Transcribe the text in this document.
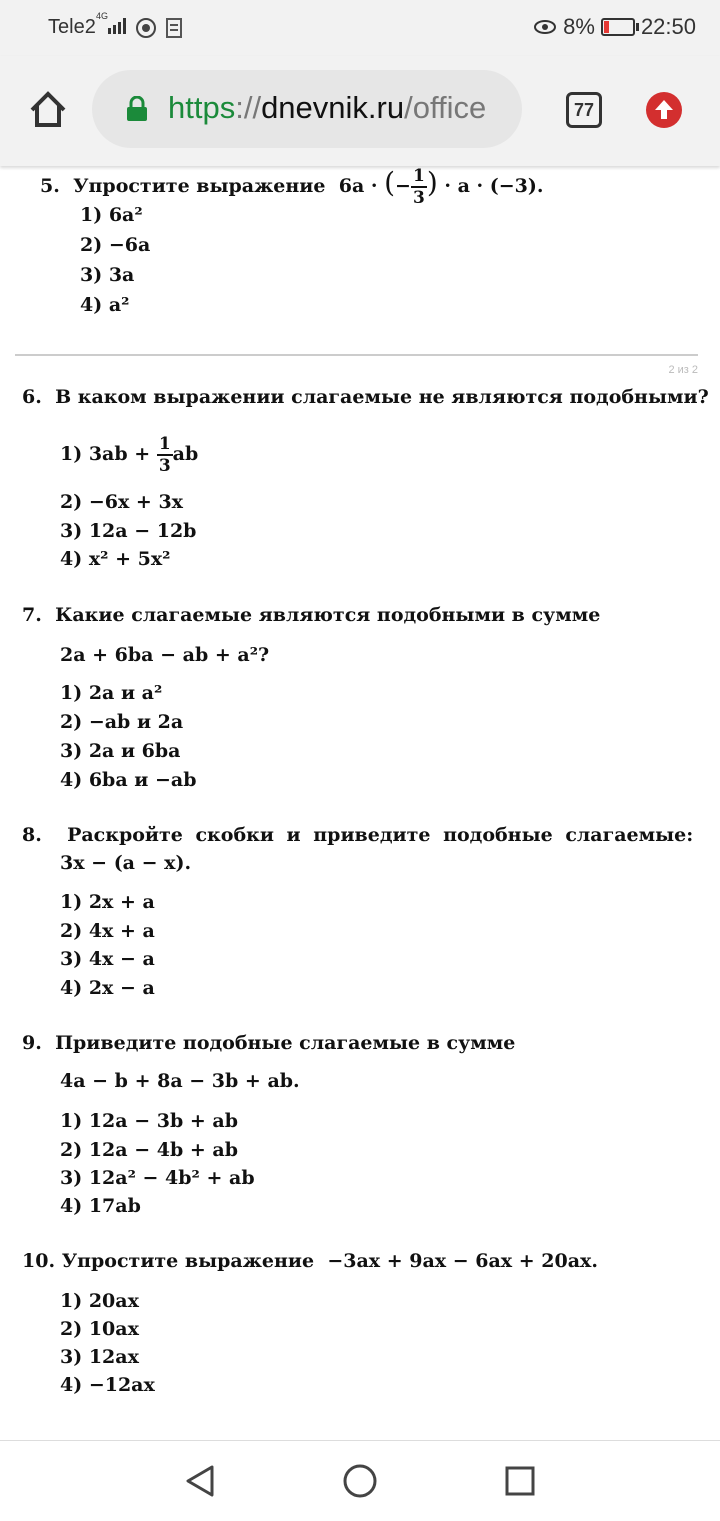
Tele2 4G	8% 22:50
https://dnevnik.ru/office	77
5. Упростите выражение 6a · (− $\frac{1}{3}$ ) · a · (−3).
1) 6a²
2) −6a
3) 3a
4) a²
2 из 2
6. В каком выражении слагаемые не являются подобными?
1) $3ab + \frac{1}{3}$ ab
2) −6x + 3x
3) 12a − 12b
4) x² + 5x²
7. Какие слагаемые являются подобными в сумме
2a + 6ba − ab + a²?
1) 2a и a²
2) −ab и 2a
3) 2a и 6ba
4) 6ba и −ab
8. Раскройте скобки и приведите подобные слагаемые:
3x − (a − x).
1) 2x + a
2) 4x + a
3) 4x − a
4) 2x − a
9. Приведите подобные слагаемые в сумме
4a − b + 8a − 3b + ab.
1) 12a − 3b + ab
2) 12a − 4b + ab
3) 12a² − 4b² + ab
4) 17ab
10. Упростите выражение −3ax + 9ax − 6ax + 20ax.
1) 20ax
2) 10ax
3) 12ax
4) −12ax
